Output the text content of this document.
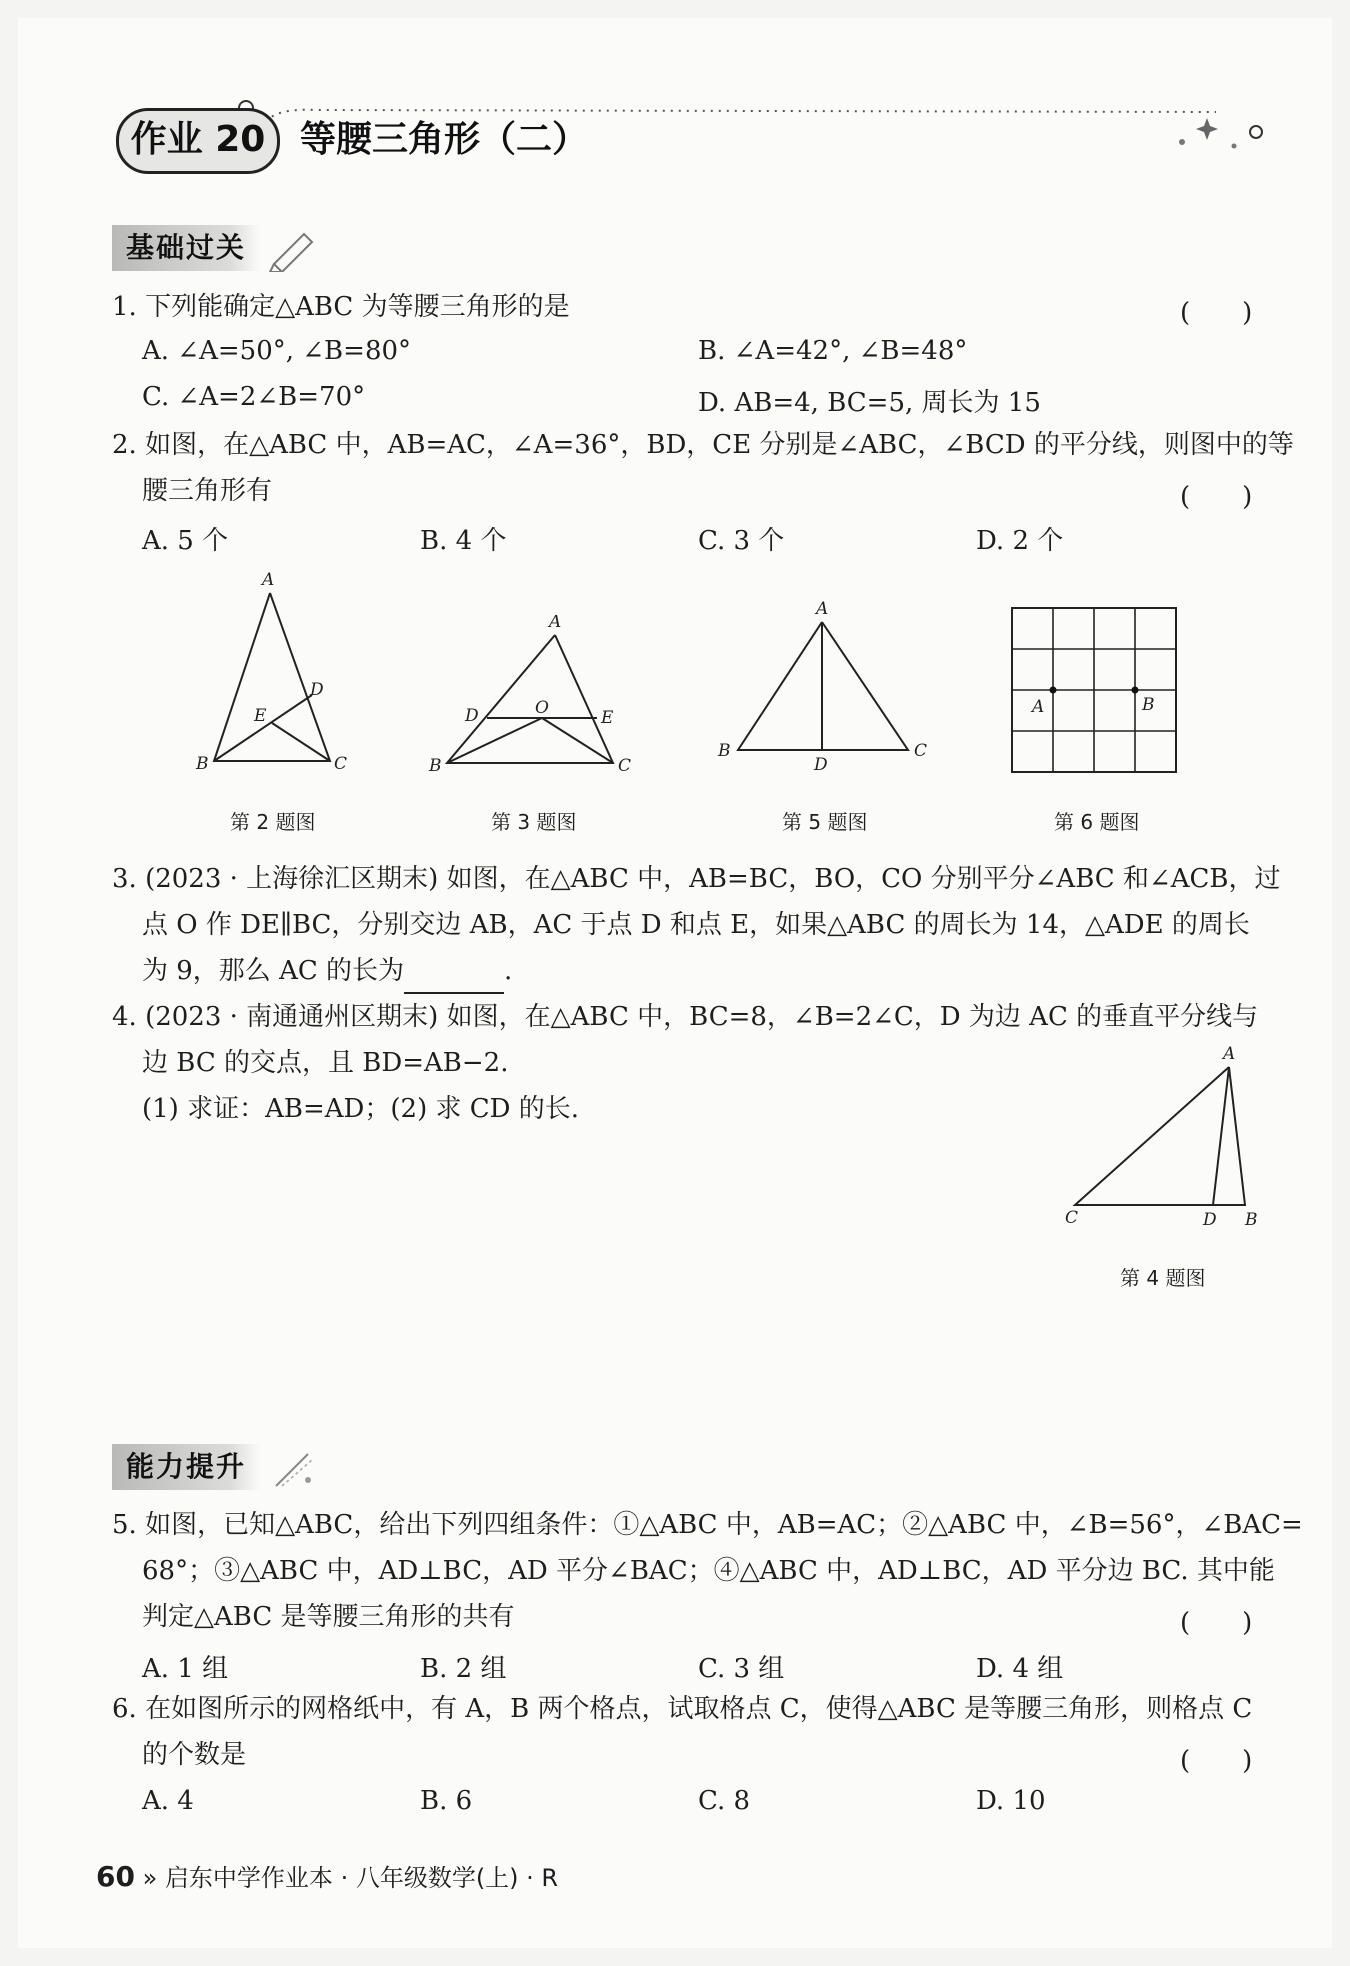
作业 20 等腰三角形（二）
基础过关
1. 下列能确定△ABC 为等腰三角形的是	(　　)
A. ∠A=50°, ∠B=80°	B. ∠A=42°, ∠B=48°
C. ∠A=2∠B=70°	D. AB=4, BC=5, 周长为 15
2. 如图，在△ABC 中，AB=AC，∠A=36°，BD，CE 分别是∠ABC，∠BCD 的平分线，则图中的等
腰三角形有	(　　)
A. 5 个	B. 4 个	C. 3 个	D. 2 个
A
B	C
D
E
第 2 题图
A
B	C
D	E
O
第 3 题图
A
B	C
D
第 5 题图
A	B
第 6 题图
3. (2023 · 上海徐汇区期末) 如图，在△ABC 中，AB=BC，BO，CO 分别平分∠ABC 和∠ACB，过
点 O 作 DE∥BC，分别交边 AB，AC 于点 D 和点 E，如果△ABC 的周长为 14，△ADE 的周长
为 9，那么 AC 的长为	.
4. (2023 · 南通通州区期末) 如图，在△ABC 中，BC=8，∠B=2∠C，D 为边 AC 的垂直平分线与
边 BC 的交点，且 BD=AB−2.
(1) 求证：AB=AD；(2) 求 CD 的长.
A
C	D B
第 4 题图
能力提升
5. 如图，已知△ABC，给出下列四组条件：①△ABC 中，AB=AC；②△ABC 中，∠B=56°，∠BAC=
68°；③△ABC 中，AD⊥BC，AD 平分∠BAC；④△ABC 中，AD⊥BC，AD 平分边 BC. 其中能
判定△ABC 是等腰三角形的共有	(　　)
A. 1 组	B. 2 组	C. 3 组	D. 4 组
6. 在如图所示的网格纸中，有 A，B 两个格点，试取格点 C，使得△ABC 是等腰三角形，则格点 C
的个数是	(　　)
A. 4	B. 6	C. 8	D. 10
60 » 启东中学作业本 · 八年级数学(上) · R
